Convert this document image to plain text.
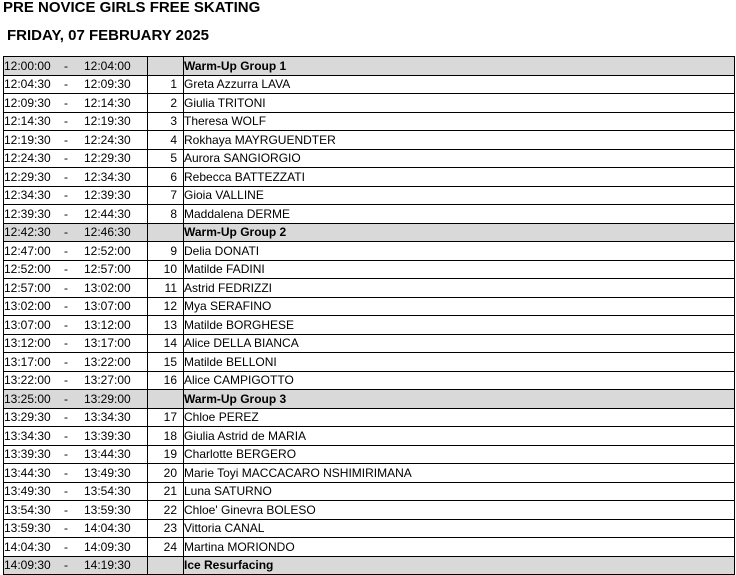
PRE NOVICE GIRLS FREE SKATING
FRIDAY, 07 FEBRUARY 2025
12:00:00 - 12:04:00		Warm-Up Group 1
12:04:30 - 12:09:30	1	Greta Azzurra LAVA
12:09:30 - 12:14:30	2	Giulia TRITONI
12:14:30 - 12:19:30	3	Theresa WOLF
12:19:30 - 12:24:30	4	Rokhaya MAYRGUENDTER
12:24:30 - 12:29:30	5	Aurora SANGIORGIO
12:29:30 - 12:34:30	6	Rebecca BATTEZZATI
12:34:30 - 12:39:30	7	Gioia VALLINE
12:39:30 - 12:44:30	8	Maddalena DERME
12:42:30 - 12:46:30		Warm-Up Group 2
12:47:00 - 12:52:00	9	Delia DONATI
12:52:00 - 12:57:00	10	Matilde FADINI
12:57:00 - 13:02:00	11	Astrid FEDRIZZI
13:02:00 - 13:07:00	12	Mya SERAFINO
13:07:00 - 13:12:00	13	Matilde BORGHESE
13:12:00 - 13:17:00	14	Alice DELLA BIANCA
13:17:00 - 13:22:00	15	Matilde BELLONI
13:22:00 - 13:27:00	16	Alice CAMPIGOTTO
13:25:00 - 13:29:00		Warm-Up Group 3
13:29:30 - 13:34:30	17	Chloe PEREZ
13:34:30 - 13:39:30	18	Giulia Astrid de MARIA
13:39:30 - 13:44:30	19	Charlotte BERGERO
13:44:30 - 13:49:30	20	Marie Toyi MACCACARO NSHIMIRIMANA
13:49:30 - 13:54:30	21	Luna SATURNO
13:54:30 - 13:59:30	22	Chloe' Ginevra BOLESO
13:59:30 - 14:04:30	23	Vittoria CANAL
14:04:30 - 14:09:30	24	Martina MORIONDO
14:09:30 - 14:19:30		Ice Resurfacing
